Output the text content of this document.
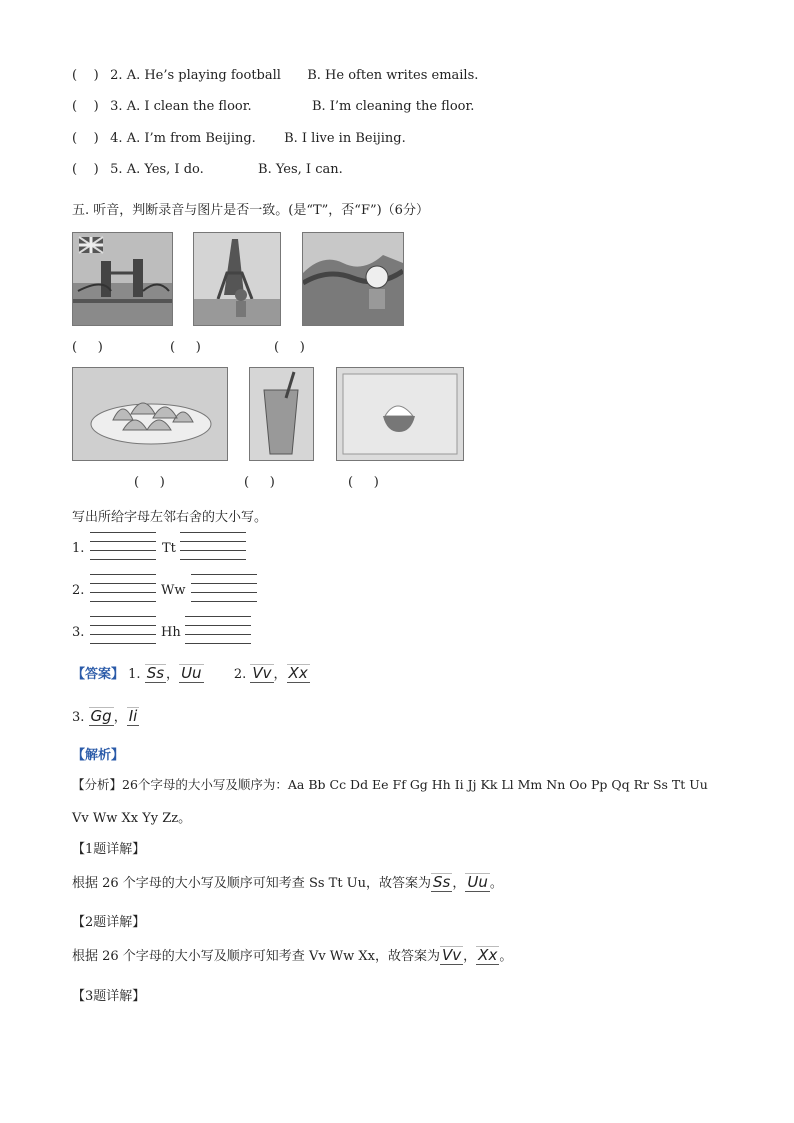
( ) 2. A. He’s playing football B. He often writes emails.
( ) 3. A. I clean the floor.	B. I’m cleaning the floor.
( ) 4. A. I’m from Beijing. B. I live in Beijing.
( ) 5. A. Yes, I do.	B. Yes, I can.
五. 听音，判断录音与图片是否一致。(是“T”，否“F”)（6分）
( )	( )	( )
( )	( )	( )
写出所给字母左邻右舍的大小写。
1.	Tt
2.	Ww
3.	Hh
【答案】 1. Ss ， Uu 2. Vv ， Xx
3. Gg ， Ii
【解析】
【分析】26个字母的大小写及顺序为：Aa Bb Cc Dd Ee Ff Gg Hh Ii Jj Kk Ll Mm Nn Oo Pp Qq Rr Ss Tt Uu
Vv Ww Xx Yy Zz。
【1题详解】
根据 26 个字母的大小写及顺序可知考查 Ss Tt Uu，故答案为 Ss ， Uu 。
【2题详解】
根据 26 个字母的大小写及顺序可知考查 Vv Ww Xx，故答案为 Vv ， Xx 。
【3题详解】
